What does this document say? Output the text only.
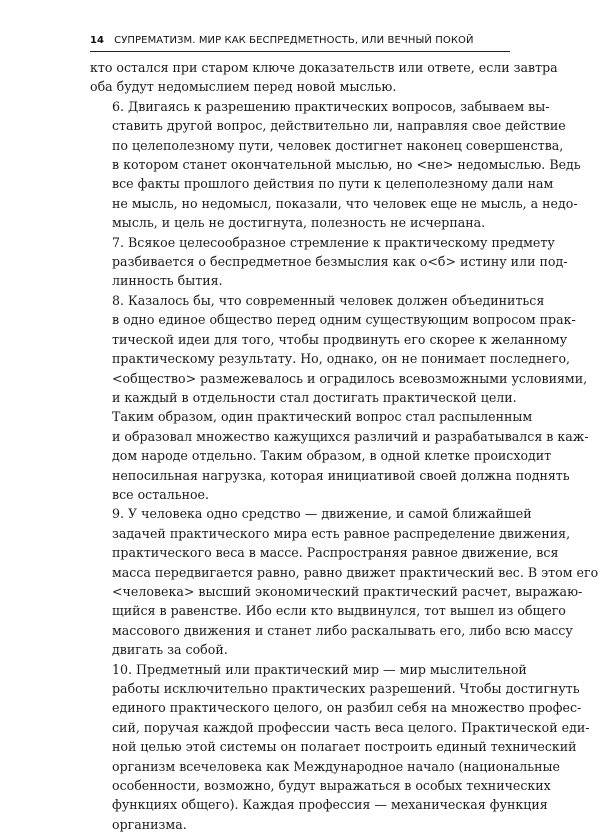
14 СУПРЕМАТИЗМ. МИР КАК БЕСПРЕДМЕТНОСТЬ, ИЛИ ВЕЧНЫЙ ПОКОЙ

кто остался при старом ключе доказательств или ответе, если завтра
оба будут недомыслием перед новой мыслью.

6. Двигаясь к разрешению практических вопросов, забываем вы-
ставить другой вопрос, действительно ли, направляя свое действие
по целеполезному пути, человек достигнет наконец совершенства,
в котором станет окончательной мыслью, но <не> недомыслью. Ведь
все факты прошлого действия по пути к целеполезному дали нам
не мысль, но недомысл, показали, что человек еще не мысль, а недо-
мысль, и цель не достигнута, полезность не исчерпана.

7. Всякое целесообразное стремление к практическому предмету
разбивается о беспредметное безмыслия как о<б> истину или под-
линность бытия.

8. Казалось бы, что современный человек должен объединиться
в одно единое общество перед одним существующим вопросом прак-
тической идеи для того, чтобы продвинуть его скорее к желанному
практическому результату. Но, однако, он не понимает последнего,
<общество> размежевалось и оградилось всевозможными условиями,
и каждый в отдельности стал достигать практической цели.

Таким образом, один практический вопрос стал распыленным
и образовал множество кажущихся различий и разрабатывался в каж-
дом народе отдельно. Таким образом, в одной клетке происходит
непосильная нагрузка, которая инициативой своей должна поднять
все остальное.

9. У человека одно средство — движение, и самой ближайшей
задачей практического мира есть равное распределение движения,
практического веса в массе. Распространяя равное движение, вся
масса передвигается равно, равно движет практический вес. В этом его
<человека> высший экономический практический расчет, выражаю-
щийся в равенстве. Ибо если кто выдвинулся, тот вышел из общего
массового движения и станет либо раскалывать его, либо всю массу
двигать за собой.

10. Предметный или практический мир — мир мыслительной
работы исключительно практических разрешений. Чтобы достигнуть
единого практического целого, он разбил себя на множество профес-
сий, поручая каждой профессии часть веса целого. Практической еди-
ной целью этой системы он полагает построить единый технический
организм всечеловека как Международное начало (национальные
особенности, возможно, будут выражаться в особых технических
функциях общего). Каждая профессия — механическая функция
организма.
